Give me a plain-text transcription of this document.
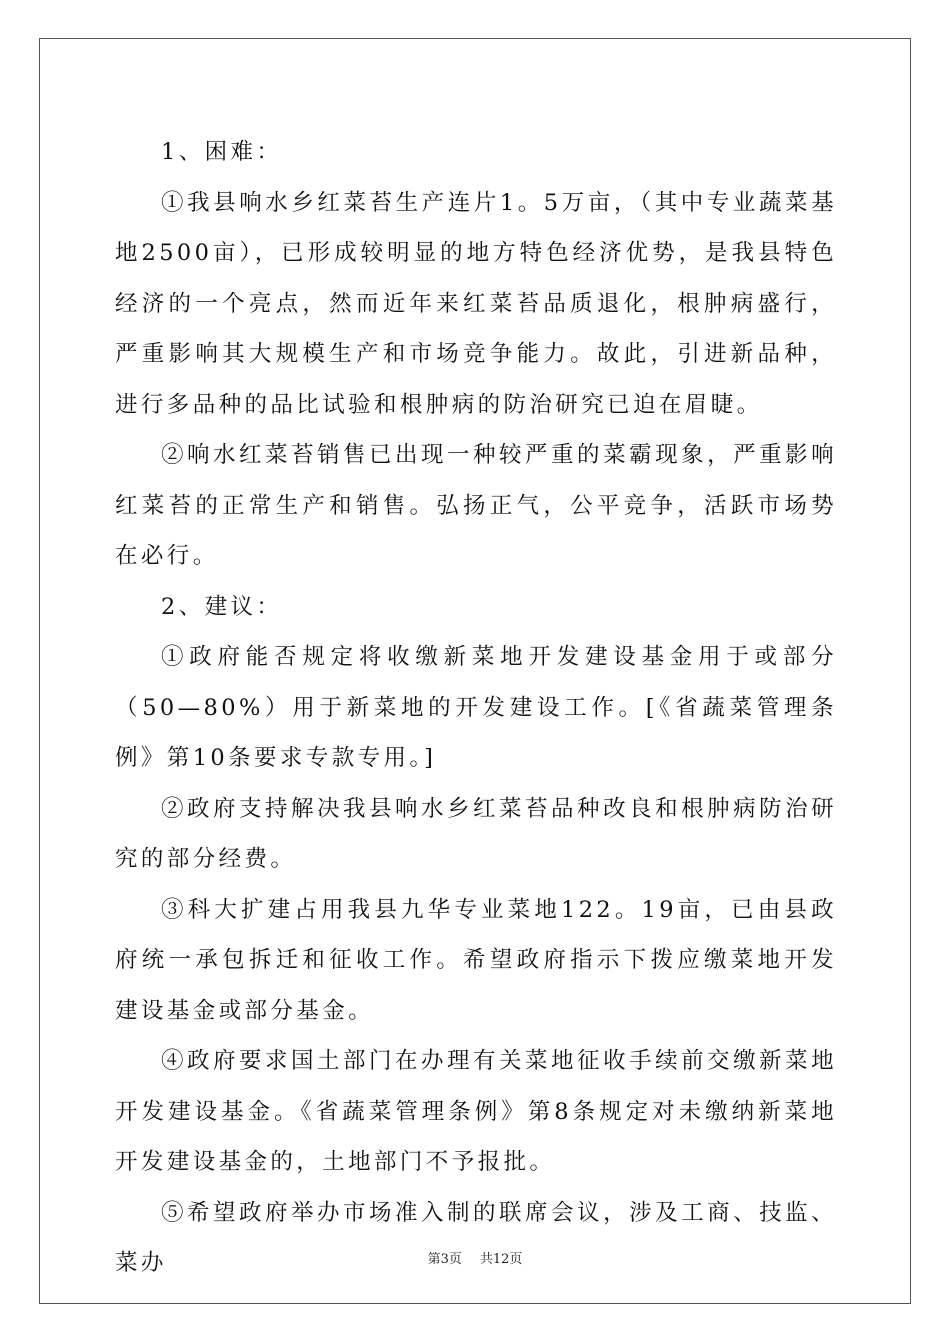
1、困难：

①我县响水乡红菜苔生产连片1。5万亩，（其中专业蔬菜基地2500亩），已形成较明显的地方特色经济优势，是我县特色经济的一个亮点，然而近年来红菜苔品质退化，根肿病盛行，严重影响其大规模生产和市场竞争能力。故此，引进新品种，进行多品种的品比试验和根肿病的防治研究已迫在眉睫。

②响水红菜苔销售已出现一种较严重的菜霸现象，严重影响红菜苔的正常生产和销售。弘扬正气，公平竞争，活跃市场势在必行。

2、建议：

①政府能否规定将收缴新菜地开发建设基金用于或部分（50—80%）用于新菜地的开发建设工作。[《省蔬菜管理条例》第10条要求专款专用。]

②政府支持解决我县响水乡红菜苔品种改良和根肿病防治研究的部分经费。

③科大扩建占用我县九华专业菜地122。19亩，已由县政府统一承包拆迁和征收工作。希望政府指示下拨应缴菜地开发建设基金或部分基金。

④政府要求国土部门在办理有关菜地征收手续前交缴新菜地开发建设基金。《省蔬菜管理条例》第8条规定对未缴纳新菜地开发建设基金的，土地部门不予报批。

⑤希望政府举办市场准入制的联席会议，涉及工商、技监、菜办	第3页 共12页
